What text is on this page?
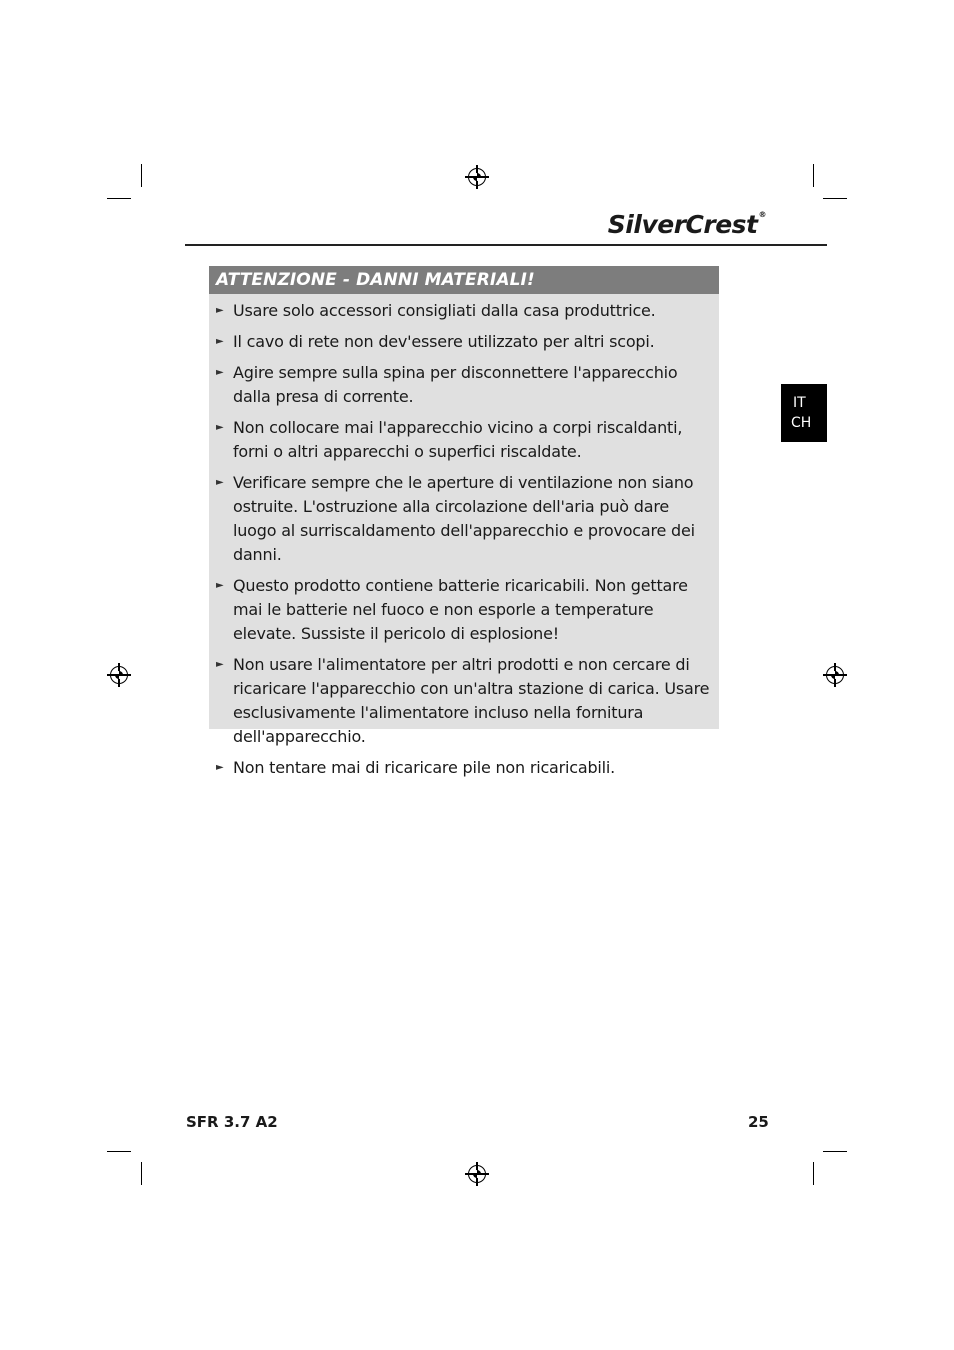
SilverCrest®
IT
CH
ATTENZIONE - DANNI MATERIALI!
► Usare solo accessori consigliati dalla casa produttrice.
► Il cavo di rete non dev'essere utilizzato per altri scopi.
► Agire sempre sulla spina per disconnettere l'apparecchio dalla presa di corrente.
► Non collocare mai l'apparecchio vicino a corpi riscaldanti, forni o altri apparecchi o superfici riscaldate.
► Verificare sempre che le aperture di ventilazione non siano ostruite. L'ostruzione alla circolazione dell'aria può dare luogo al surriscaldamento dell'apparecchio e provocare dei danni.
► Questo prodotto contiene batterie ricaricabili. Non gettare mai le batterie nel fuoco e non esporle a temperature elevate. Sussiste il pericolo di esplosione!
► Non usare l'alimentatore per altri prodotti e non cercare di ricaricare l'apparecchio con un'altra stazione di carica. Usare esclusivamente l'alimentatore incluso nella fornitura dell'apparecchio.
► Non tentare mai di ricaricare pile non ricaricabili.
SFR 3.7 A2	25
